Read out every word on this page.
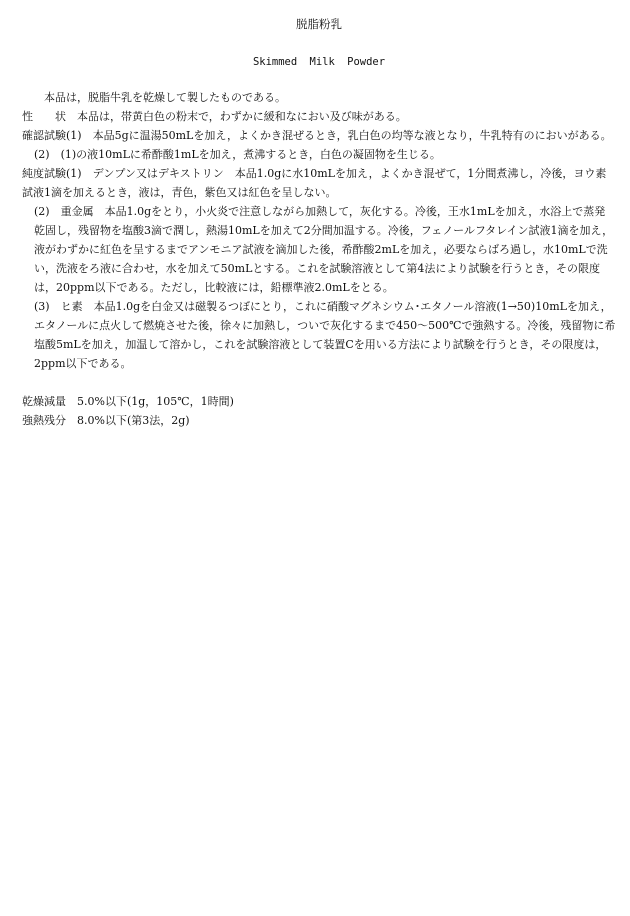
脱脂粉乳
Skimmed Milk Powder
本品は，脱脂牛乳を乾燥して製したものである。
性　　状　 本品は，帯黄白色の粉末で，わずかに緩和なにおい及び味がある。
確認試験(1)　 本品5gに温湯50mLを加え，よくかき混ぜるとき，乳白色の均等な液となり，牛乳特有のにおいがある。
(2)　 (1)の液10mLに希酢酸1mLを加え，煮沸するとき，白色の凝固物を生じる。
純度試験(1)　 デンプン又はデキストリン　 本品1.0gに水10mLを加え，よくかき混ぜて，1分間煮沸し，冷後，ヨウ素試液1滴を加えるとき，液は，青色，紫色又は紅色を呈しない。
(2)　 重金属　 本品1.0gをとり，小火炎で注意しながら加熱して，灰化する。冷後，王水1mLを加え，水浴上で蒸発乾固し，残留物を塩酸3滴で潤し，熱湯10mLを加えて2分間加温する。冷後，フェノールフタレイン試液1滴を加え，液がわずかに紅色を呈するまでアンモニア試液を滴加した後，希酢酸2mLを加え，必要ならばろ過し，水10mLで洗い，洗液をろ液に合わせ，水を加えて50mLとする。これを試験溶液として第4法により試験を行うとき，その限度は，20ppm以下である。ただし，比較液には，鉛標準液2.0mLをとる。
(3)　 ヒ素　 本品1.0gを白金又は磁製るつぼにとり，これに硝酸マグネシウム･エタノール溶液(1→50)10mLを加え，エタノールに点火して燃焼させた後，徐々に加熱し，ついで灰化するまで450～500℃で強熱する。冷後，残留物に希塩酸5mLを加え，加温して溶かし，これを試験溶液として装置Cを用いる方法により試験を行うとき，その限度は，2ppm以下である。
乾燥減量　 5.0%以下(1g，105℃，1時間)
強熱残分　 8.0%以下(第3法，2g)
